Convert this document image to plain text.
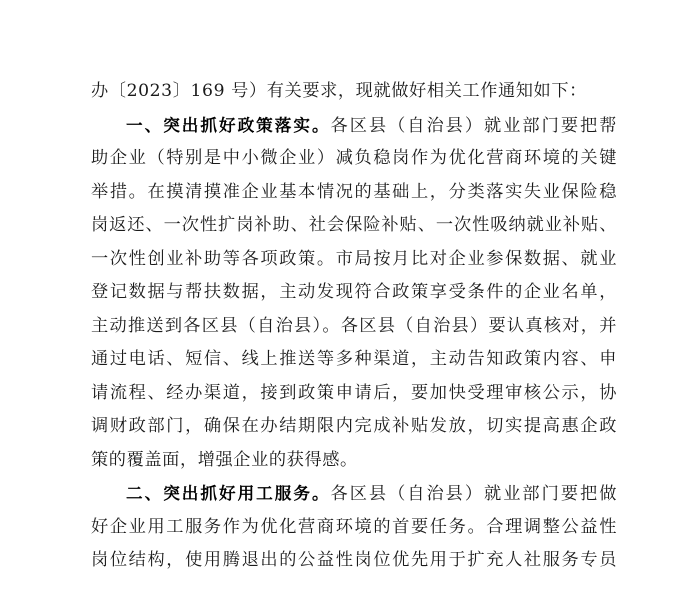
办〔2023〕169 号）有关要求，现就做好相关工作通知如下：
一、突出抓好政策落实。各区县（自治县）就业部门要把帮
助企业（特别是中小微企业）减负稳岗作为优化营商环境的关键
举措。在摸清摸准企业基本情况的基础上，分类落实失业保险稳
岗返还、一次性扩岗补助、社会保险补贴、一次性吸纳就业补贴、
一次性创业补助等各项政策。市局按月比对企业参保数据、就业
登记数据与帮扶数据，主动发现符合政策享受条件的企业名单，
主动推送到各区县（自治县）。各区县（自治县）要认真核对，并
通过电话、短信、线上推送等多种渠道，主动告知政策内容、申
请流程、经办渠道，接到政策申请后，要加快受理审核公示，协
调财政部门，确保在办结期限内完成补贴发放，切实提高惠企政
策的覆盖面，增强企业的获得感。
二、突出抓好用工服务。各区县（自治县）就业部门要把做
好企业用工服务作为优化营商环境的首要任务。合理调整公益性
岗位结构，使用腾退出的公益性岗位优先用于扩充人社服务专员
